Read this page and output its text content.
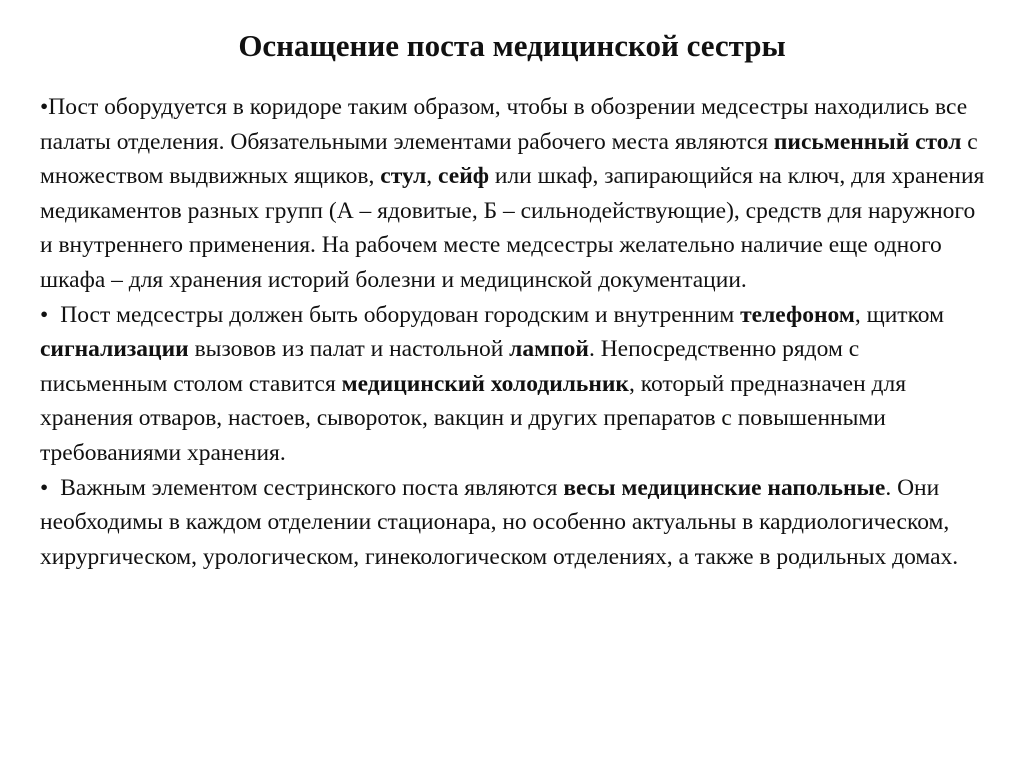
Оснащение поста медицинской сестры

•Пост оборудуется в коридоре таким образом, чтобы в обозрении медсестры находились все палаты отделения. Обязательными элементами рабочего места являются письменный стол с множеством выдвижных ящиков, стул, сейф или шкаф, запирающийся на ключ, для хранения медикаментов разных групп (А – ядовитые, Б – сильнодействующие), средств для наружного и внутреннего применения. На рабочем месте медсестры желательно наличие еще одного шкафа – для хранения историй болезни и медицинской документации.

• Пост медсестры должен быть оборудован городским и внутренним телефоном, щитком сигнализации вызовов из палат и настольной лампой. Непосредственно рядом с письменным столом ставится медицинский холодильник, который предназначен для хранения отваров, настоев, сывороток, вакцин и других препаратов с повышенными требованиями хранения.

• Важным элементом сестринского поста являются весы медицинские напольные. Они необходимы в каждом отделении стационара, но особенно актуальны в кардиологическом, хирургическом, урологическом, гинекологическом отделениях, а также в родильных домах.
